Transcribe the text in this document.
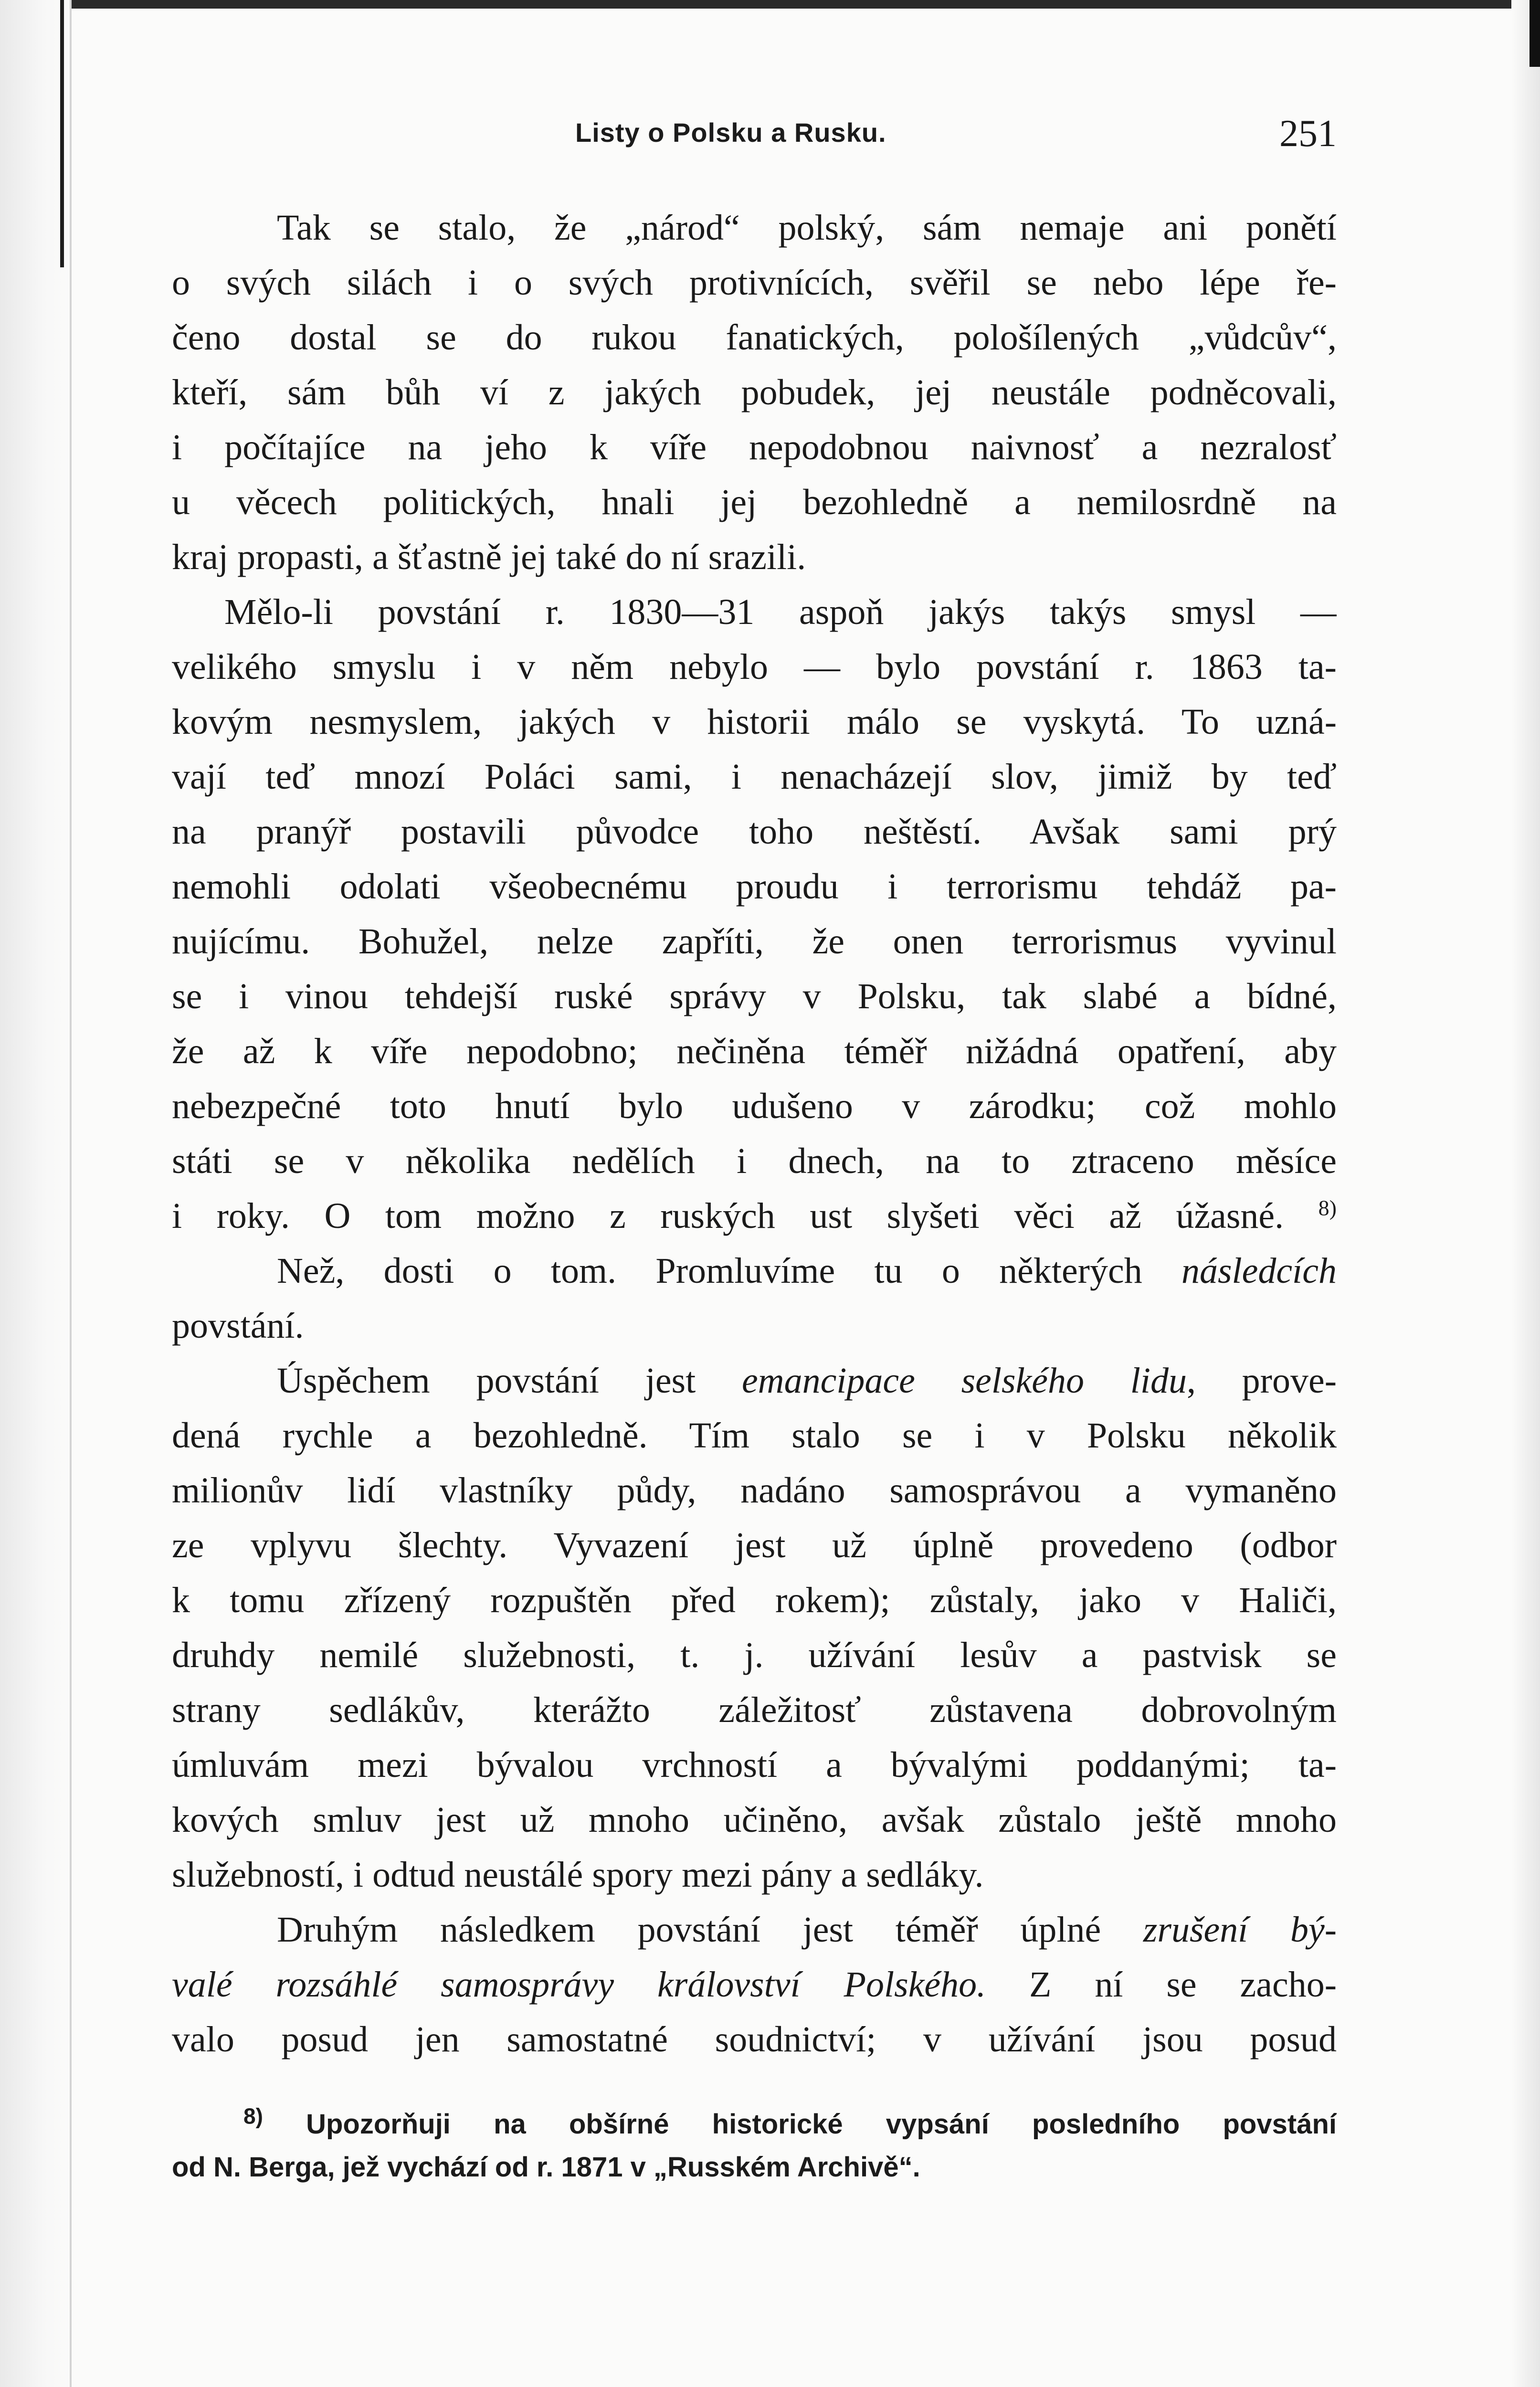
Listy o Polsku a Rusku.	251
Tak se stalo, že „národ“ polský, sám nemaje ani ponětí
o svých silách i o svých protivnících, svěřil se nebo lépe ře-
čeno dostal se do rukou fanatických, pološílených „vůdcův“,
kteří, sám bůh ví z jakých pobudek, jej neustále podněcovali,
i počítajíce na jeho k víře nepodobnou naivnosť a nezralosť
u věcech politických, hnali jej bezohledně a nemilosrdně na
kraj propasti, a šťastně jej také do ní srazili.
Mělo-li povstání r. 1830—31 aspoň jakýs takýs smysl —
velikého smyslu i v něm nebylo — bylo povstání r. 1863 ta-
kovým nesmyslem, jakých v historii málo se vyskytá. To uzná-
vají teď mnozí Poláci sami, i nenacházejí slov, jimiž by teď
na pranýř postavili původce toho neštěstí. Avšak sami prý
nemohli odolati všeobecnému proudu i terrorismu tehdáž pa-
nujícímu. Bohužel, nelze zapříti, že onen terrorismus vyvinul
se i vinou tehdejší ruské správy v Polsku, tak slabé a bídné,
že až k víře nepodobno; nečiněna téměř nižádná opatření, aby
nebezpečné toto hnutí bylo udušeno v zárodku; což mohlo
státi se v několika nedělích i dnech, na to ztraceno měsíce
i roky. O tom možno z ruských ust slyšeti věci až úžasné. $^{8)}$
Než, dosti o tom. Promluvíme tu o některých následcích
povstání.
Úspěchem povstání jest emancipace selského lidu, prove-
dená rychle a bezohledně. Tím stalo se i v Polsku několik
milionův lidí vlastníky půdy, nadáno samosprávou a vymaněno
ze vplyvu šlechty. Vyvazení jest už úplně provedeno (odbor
k tomu zřízený rozpuštěn před rokem); zůstaly, jako v Haliči,
druhdy nemilé služebnosti, t. j. užívání lesův a pastvisk se
strany sedlákův, kterážto záležitosť zůstavena dobrovolným
úmluvám mezi bývalou vrchností a bývalými poddanými; ta-
kových smluv jest už mnoho učiněno, avšak zůstalo ještě mnoho
služebností, i odtud neustálé spory mezi pány a sedláky.
Druhým následkem povstání jest téměř úplné zrušení bý-
valé rozsáhlé samosprávy království Polského. Z ní se zacho-
valo posud jen samostatné soudnictví; v užívání jsou posud
$^{8)}$ Upozorňuji na obšírné historické vypsání posledního povstání
od N. Berga, jež vychází od r. 1871 v „Rusském Archivě“.
